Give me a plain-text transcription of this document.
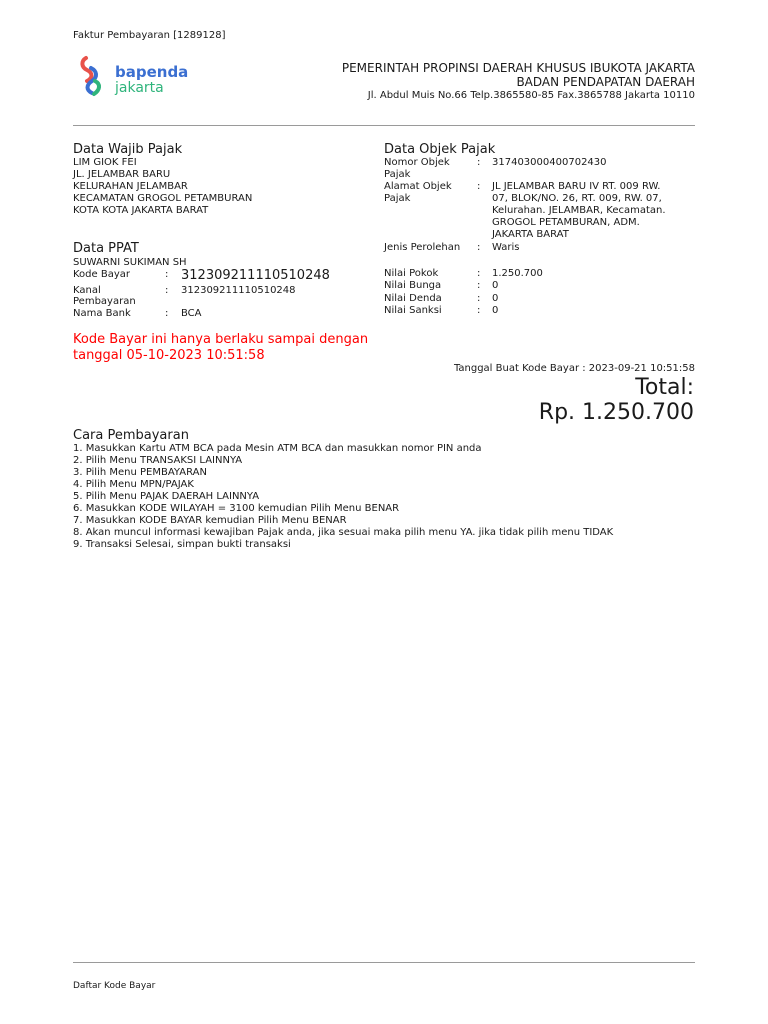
Faktur Pembayaran [1289128]
bapenda
jakarta
PEMERINTAH PROPINSI DAERAH KHUSUS IBUKOTA JAKARTA
BADAN PENDAPATAN DAERAH
Jl. Abdul Muis No.66 Telp.3865580-85 Fax.3865788 Jakarta 10110
Data Wajib Pajak
LIM GIOK FEI
JL. JELAMBAR BARU
KELURAHAN JELAMBAR
KECAMATAN GROGOL PETAMBURAN
KOTA KOTA JAKARTA BARAT
Data PPAT
SUWARNI SUKIMAN SH
Kode Bayar	: 312309211110510248
Kanal
Pembayaran
: 312309211110510248
Nama Bank	: BCA
Data Objek Pajak
Nomor Objek
Pajak
: 317403000400702430
Alamat Objek
Pajak
: JL JELAMBAR BARU IV RT. 009 RW.
07, BLOK/NO. 26, RT. 009, RW. 07,
Kelurahan. JELAMBAR, Kecamatan.
GROGOL PETAMBURAN, ADM.
JAKARTA BARAT
Jenis Perolehan : Waris
Nilai Pokok	: 1.250.700
Nilai Bunga	: 0
Nilai Denda	: 0
Nilai Sanksi	: 0
Kode Bayar ini hanya berlaku sampai dengan
tanggal 05-10-2023 10:51:58
Tanggal Buat Kode Bayar : 2023-09-21 10:51:58
Total:
Rp. 1.250.700
Cara Pembayaran
1. Masukkan Kartu ATM BCA pada Mesin ATM BCA dan masukkan nomor PIN anda
2. Pilih Menu TRANSAKSI LAINNYA
3. Pilih Menu PEMBAYARAN
4. Pilih Menu MPN/PAJAK
5. Pilih Menu PAJAK DAERAH LAINNYA
6. Masukkan KODE WILAYAH = 3100 kemudian Pilih Menu BENAR
7. Masukkan KODE BAYAR kemudian Pilih Menu BENAR
8. Akan muncul informasi kewajiban Pajak anda, jika sesuai maka pilih menu YA. jika tidak pilih menu TIDAK
9. Transaksi Selesai, simpan bukti transaksi
Daftar Kode Bayar
